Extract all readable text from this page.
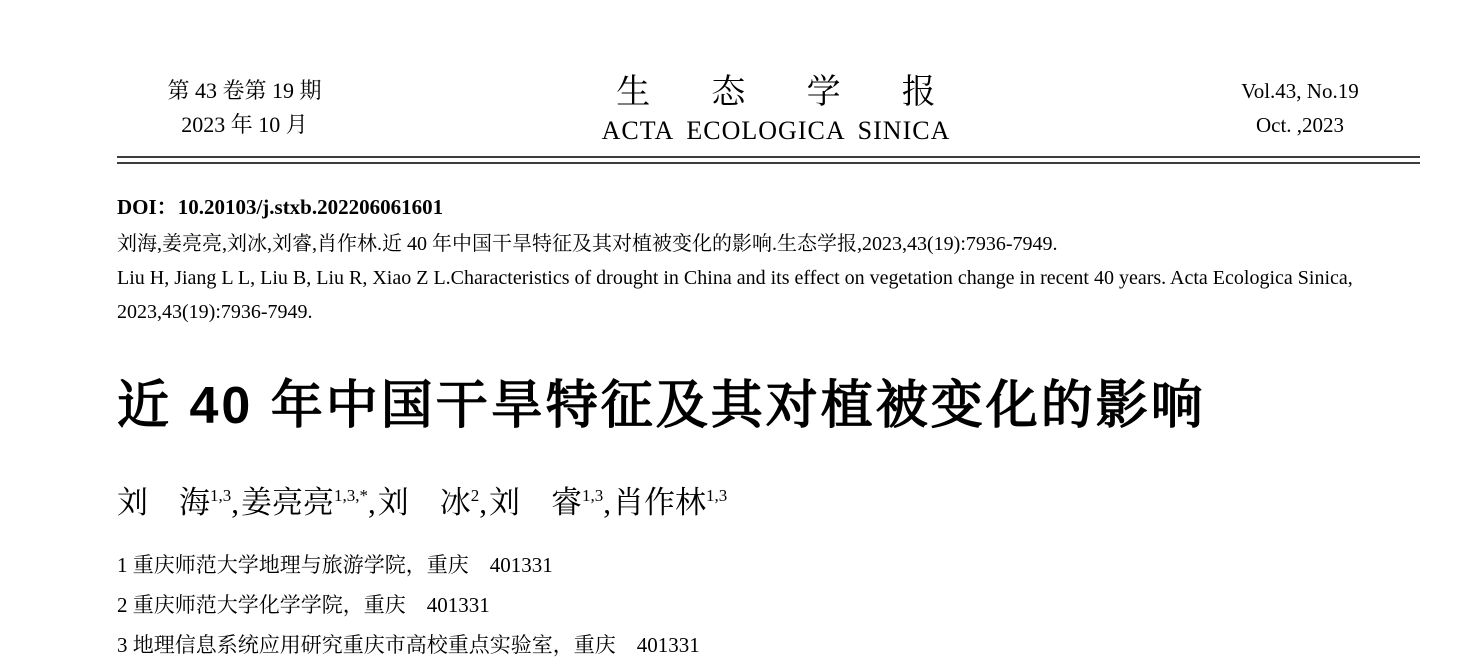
第 43 卷第 19 期
2023 年 10 月
生态学报
ACTA ECOLOGICA SINICA
Vol.43, No.19
Oct. ,2023
DOI：10.20103/j.stxb.202206061601
刘海,姜亮亮,刘冰,刘睿,肖作林.近 40 年中国干旱特征及其对植被变化的影响.生态学报,2023,43(19):7936-7949.
Liu H, Jiang L L, Liu B, Liu R, Xiao Z L.Characteristics of drought in China and its effect on vegetation change in recent 40 years. Acta Ecologica Sinica,
2023,43(19):7936-7949.
近 40 年中国干旱特征及其对植被变化的影响
刘　海$^{1,3}$,姜亮亮$^{1,3,*}$,刘　冰$^2$,刘　睿$^{1,3}$,肖作林$^{1,3}$
1 重庆师范大学地理与旅游学院，重庆　401331
2 重庆师范大学化学学院，重庆　401331
3 地理信息系统应用研究重庆市高校重点实验室，重庆　401331
